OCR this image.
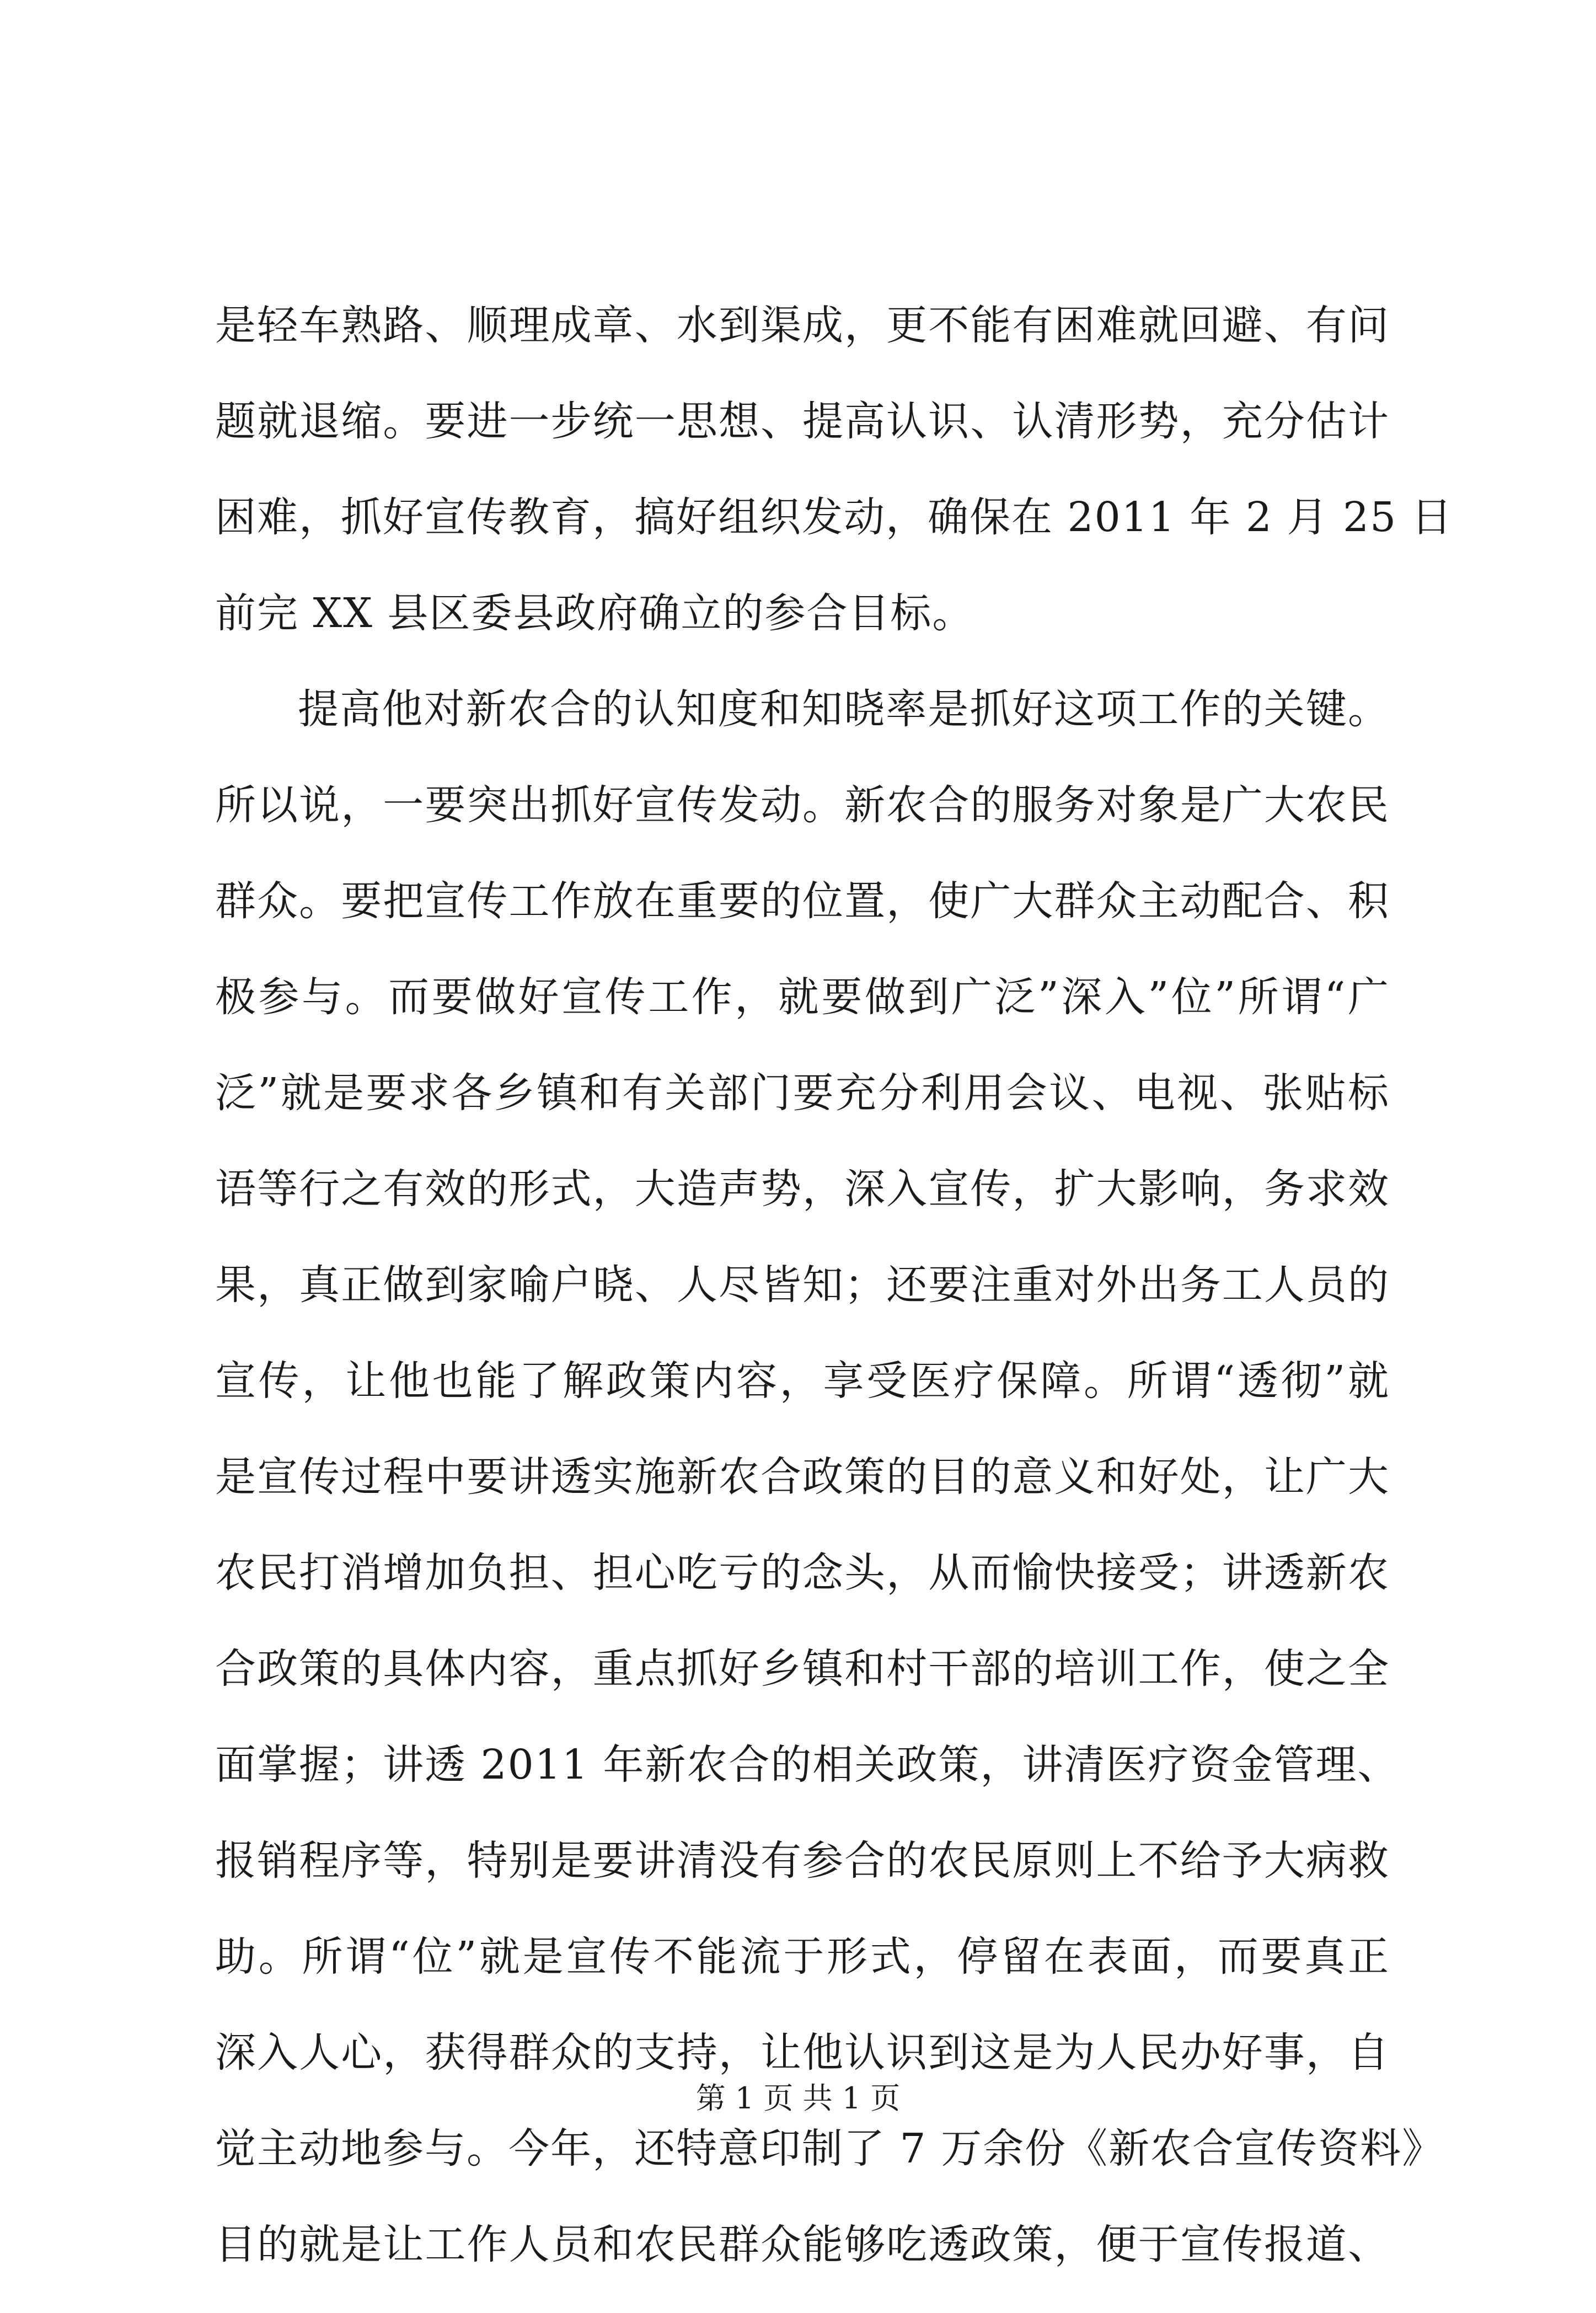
是轻车熟路、顺理成章、水到渠成，更不能有困难就回避、有问
题就退缩。要进一步统一思想、提高认识、认清形势，充分估计
困难，抓好宣传教育，搞好组织发动，确保在 2011 年 2 月 25 日
前完 XX 县区委县政府确立的参合目标。
提高他对新农合的认知度和知晓率是抓好这项工作的关键。
所以说，一要突出抓好宣传发动。新农合的服务对象是广大农民
群众。要把宣传工作放在重要的位置，使广大群众主动配合、积
极参与。而要做好宣传工作，就要做到广泛”深入”位”所谓“广
泛”就是要求各乡镇和有关部门要充分利用会议、电视、张贴标
语等行之有效的形式，大造声势，深入宣传，扩大影响，务求效
果，真正做到家喻户晓、人尽皆知；还要注重对外出务工人员的
宣传，让他也能了解政策内容，享受医疗保障。所谓“透彻”就
是宣传过程中要讲透实施新农合政策的目的意义和好处，让广大
农民打消增加负担、担心吃亏的念头，从而愉快接受；讲透新农
合政策的具体内容，重点抓好乡镇和村干部的培训工作，使之全
面掌握；讲透 2011 年新农合的相关政策，讲清医疗资金管理、
报销程序等，特别是要讲清没有参合的农民原则上不给予大病救
助。所谓“位”就是宣传不能流于形式，停留在表面，而要真正
深入人心，获得群众的支持，让他认识到这是为人民办好事，自
觉主动地参与。今年，还特意印制了 7 万余份《新农合宣传资料》
目的就是让工作人员和农民群众能够吃透政策，便于宣传报道、
第 1 页 共 1 页
